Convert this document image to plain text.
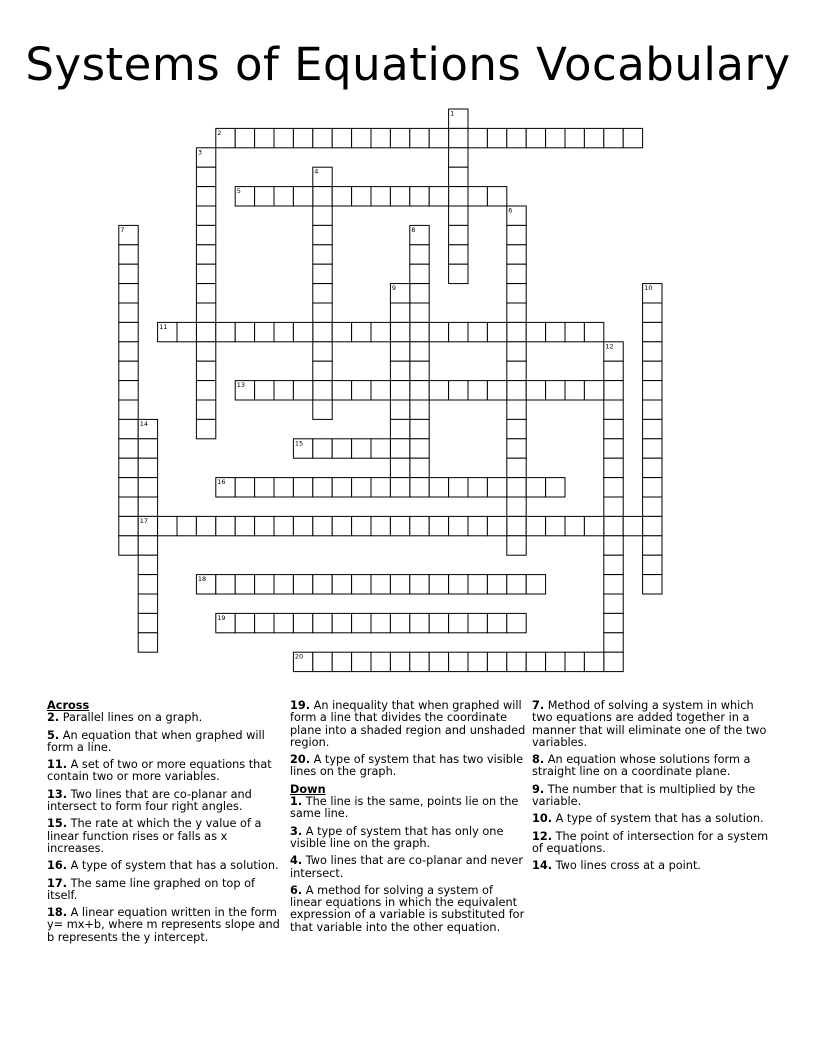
Systems of Equations Vocabulary
1
2
3
4
5
6
7	8
9	10
11
12
13
14
15
16
17
18
19
20
Across
2. Parallel lines on a graph.
5. An equation that when graphed will form a line.
11. A set of two or more equations that contain two or more variables.
13. Two lines that are co-planar and intersect to form four right angles.
15. The rate at which the y value of a linear function rises or falls as x increases.
16. A type of system that has a solution.
17. The same line graphed on top of itself.
18. A linear equation written in the form y= mx+b, where m represents slope and b represents the y intercept.
19. An inequality that when graphed will form a line that divides the coordinate plane into a shaded region and unshaded region.
20. A type of system that has two visible lines on the graph.
Down
1. The line is the same, points lie on the same line.
3. A type of system that has only one visible line on the graph.
4. Two lines that are co-planar and never intersect.
6. A method for solving a system of linear equations in which the equivalent expression of a variable is substituted for that variable into the other equation.
7. Method of solving a system in which two equations are added together in a manner that will eliminate one of the two variables.
8. An equation whose solutions form a straight line on a coordinate plane.
9. The number that is multiplied by the variable.
10. A type of system that has a solution.
12. The point of intersection for a system of equations.
14. Two lines cross at a point.
